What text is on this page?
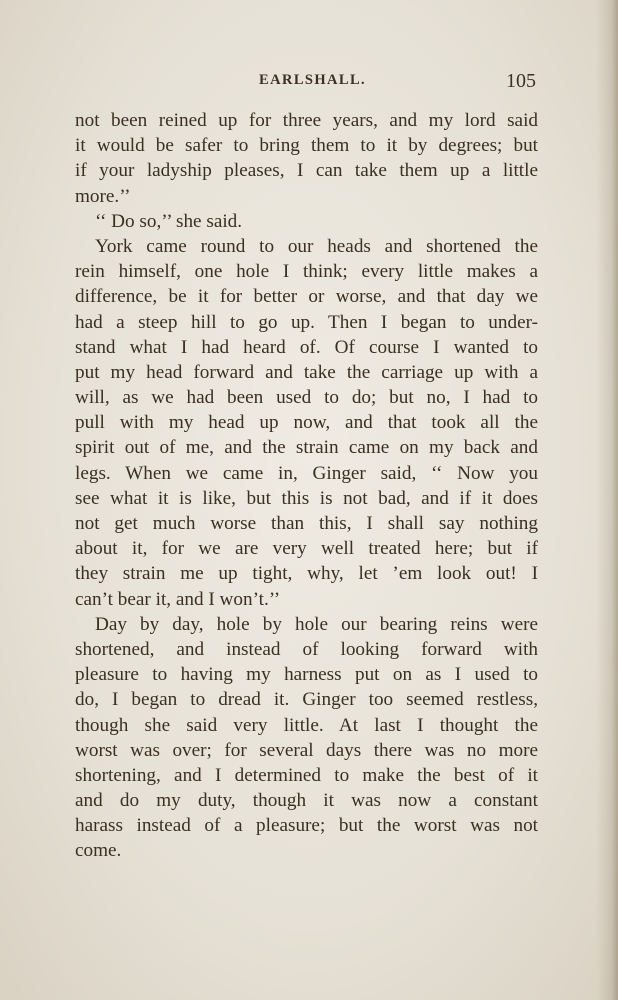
EARLSHALL.	105
not been reined up for three years, and my lord said
it would be safer to bring them to it by degrees; but
if your ladyship pleases, I can take them up a little
more.’’
‘‘ Do so,’’ she said.
York came round to our heads and shortened the
rein himself, one hole I think; every little makes a
difference, be it for better or worse, and that day we
had a steep hill to go up. Then I began to under-
stand what I had heard of. Of course I wanted to
put my head forward and take the carriage up with a
will, as we had been used to do; but no, I had to
pull with my head up now, and that took all the
spirit out of me, and the strain came on my back and
legs. When we came in, Ginger said, ‘‘ Now you
see what it is like, but this is not bad, and if it does
not get much worse than this, I shall say nothing
about it, for we are very well treated here; but if
they strain me up tight, why, let ’em look out! I
can’t bear it, and I won’t.’’
Day by day, hole by hole our bearing reins were
shortened, and instead of looking forward with
pleasure to having my harness put on as I used to
do, I began to dread it. Ginger too seemed restless,
though she said very little. At last I thought the
worst was over; for several days there was no more
shortening, and I determined to make the best of it
and do my duty, though it was now a constant
harass instead of a pleasure; but the worst was not
come.
